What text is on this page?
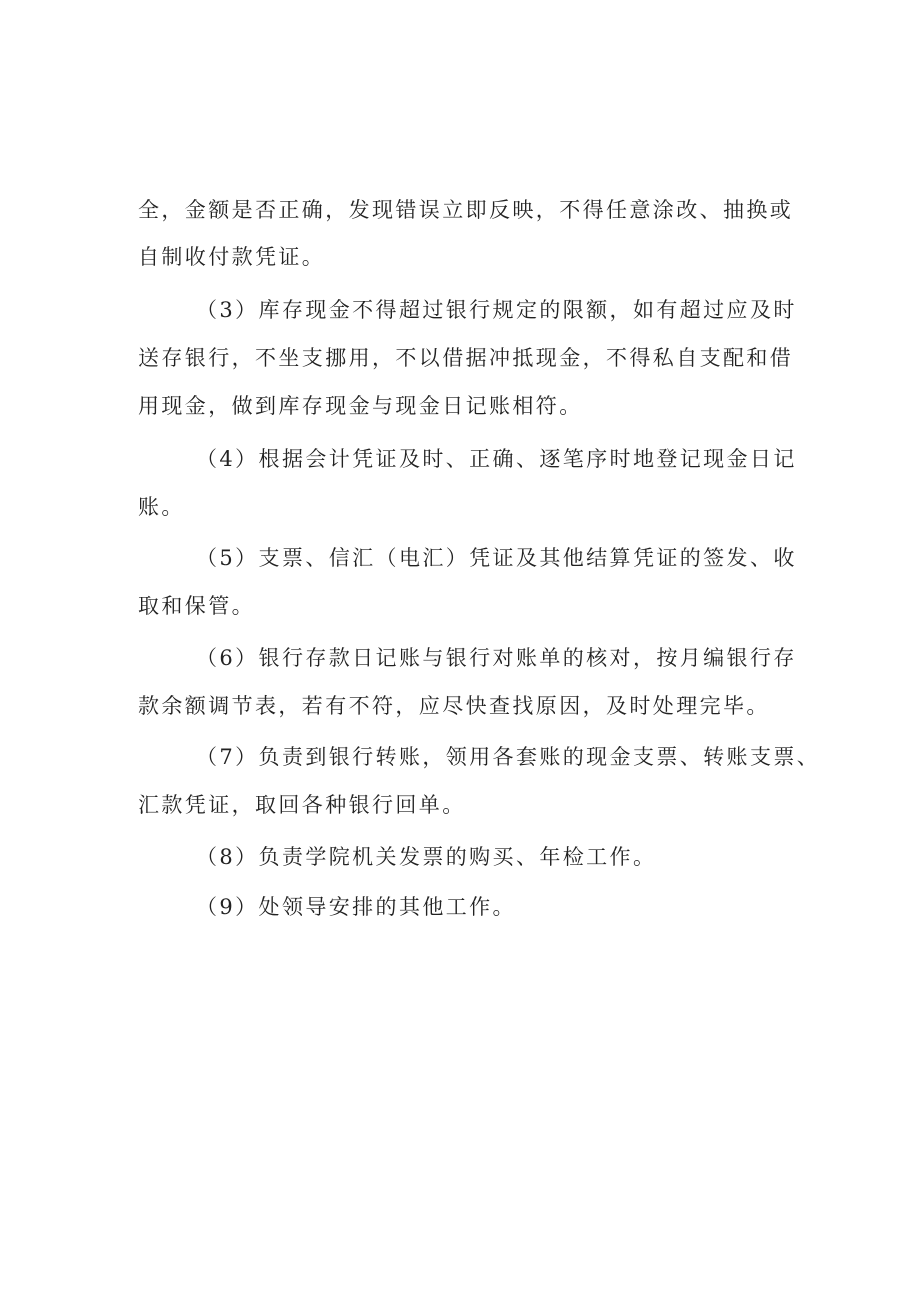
全，金额是否正确，发现错误立即反映，不得任意涂改、抽换或
自制收付款凭证。
（3）库存现金不得超过银行规定的限额，如有超过应及时
送存银行，不坐支挪用，不以借据冲抵现金，不得私自支配和借
用现金，做到库存现金与现金日记账相符。
（4）根据会计凭证及时、正确、逐笔序时地登记现金日记
账。
（5）支票、信汇（电汇）凭证及其他结算凭证的签发、收
取和保管。
（6）银行存款日记账与银行对账单的核对，按月编银行存
款余额调节表，若有不符，应尽快查找原因，及时处理完毕。
（7）负责到银行转账，领用各套账的现金支票、转账支票、
汇款凭证，取回各种银行回单。
（8）负责学院机关发票的购买、年检工作。
（9）处领导安排的其他工作。
